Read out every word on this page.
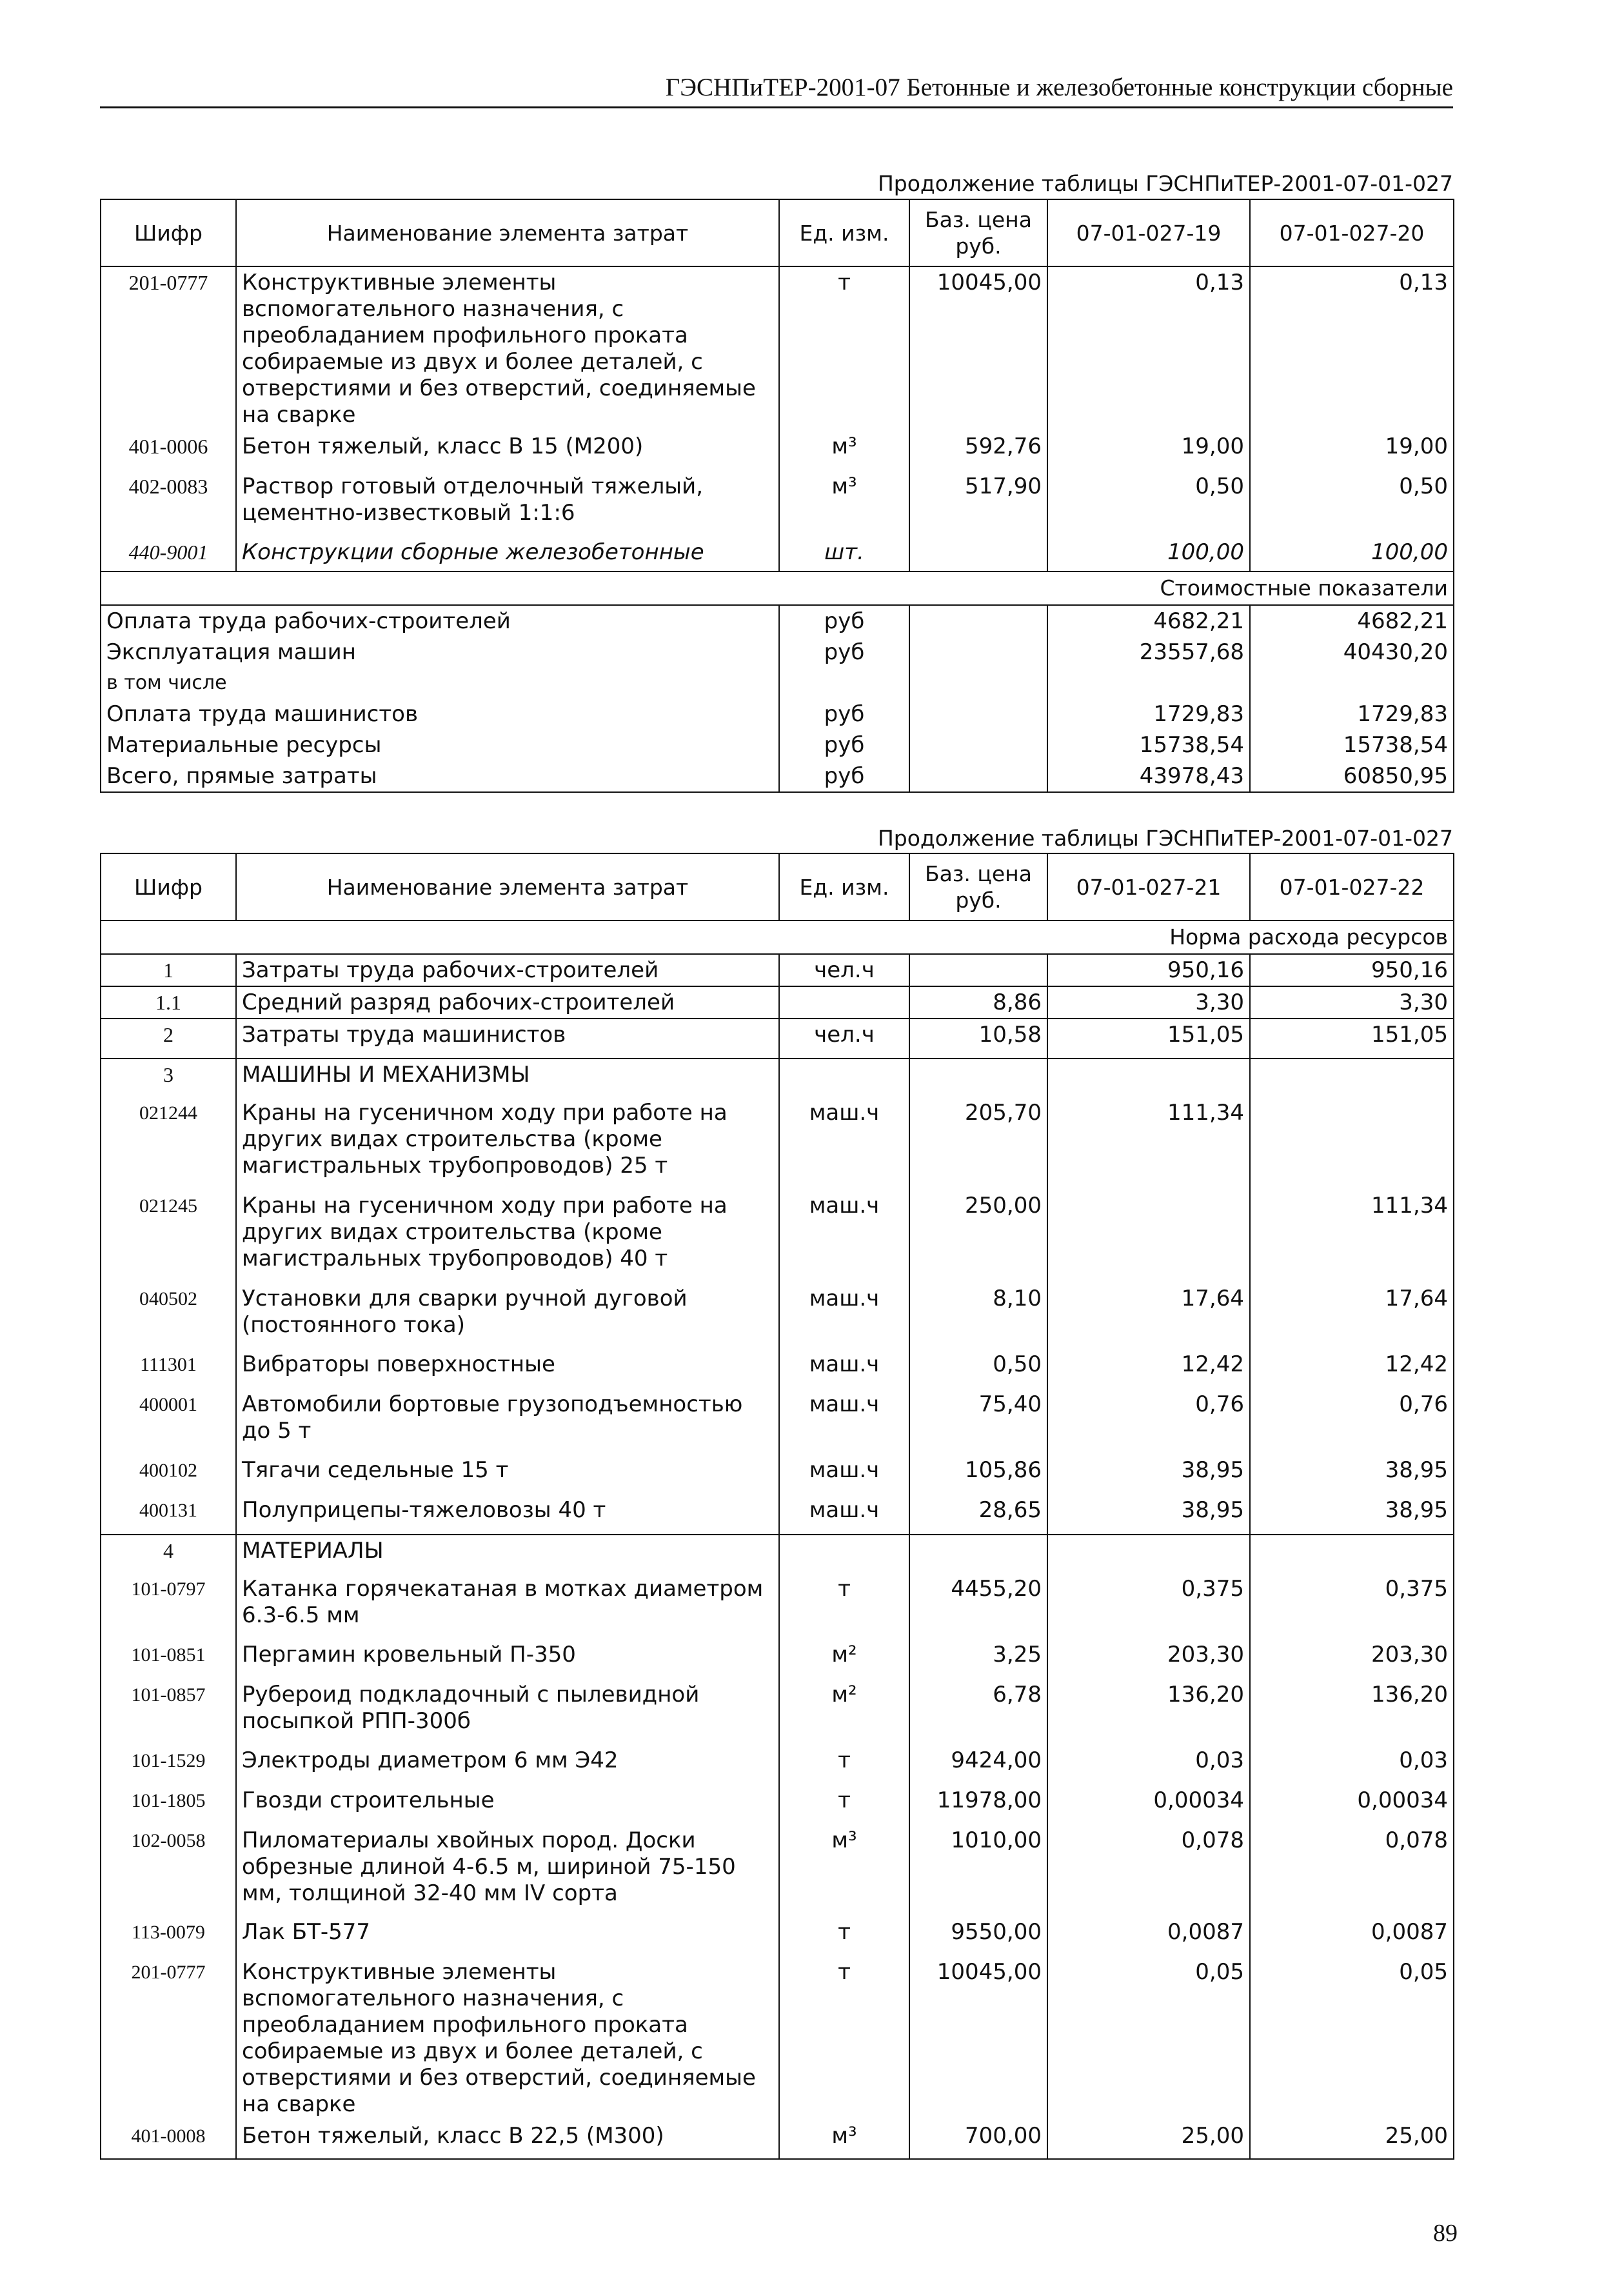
ГЭСНПиТЕР-2001-07 Бетонные и железобетонные конструкции сборные
Продолжение таблицы ГЭСНПиТЕР-2001-07-01-027
Шифр	Наименование элемента затрат	Ед. изм.	Баз. цена руб.	07-01-027-19	07-01-027-20
201-0777	Конструктивные элементы вспомогательного назначения, с преобладанием профильного проката собираемые из двух и более деталей, с отверстиями и без отверстий, соединяемые на сварке	т	10045,00	0,13	0,13
401-0006	Бетон тяжелый, класс В 15 (М200)	м³	592,76	19,00	19,00
402-0083	Раствор готовый отделочный тяжелый, цементно-известковый 1:1:6	м³	517,90	0,50	0,50
440-9001	Конструкции сборные железобетонные	шт.		100,00	100,00
Стоимостные показатели					
Оплата труда рабочих-строителей		руб		4682,21	4682,21
Эксплуатация машин		руб		23557,68	40430,20
в том числе					
Оплата труда машинистов		руб		1729,83	1729,83
Материальные ресурсы		руб		15738,54	15738,54
Всего, прямые затраты		руб		43978,43	60850,95
Продолжение таблицы ГЭСНПиТЕР-2001-07-01-027
Шифр	Наименование элемента затрат	Ед. изм.	Баз. цена руб.	07-01-027-21	07-01-027-22
Норма расхода ресурсов					
1	Затраты труда рабочих-строителей	чел.ч		950,16	950,16
1.1	Средний разряд рабочих-строителей		8,86	3,30	3,30
2	Затраты труда машинистов	чел.ч	10,58	151,05	151,05
3	МАШИНЫ И МЕХАНИЗМЫ				
021244	Краны на гусеничном ходу при работе на других видах строительства (кроме магистральных трубопроводов) 25 т	маш.ч	205,70	111,34	
021245	Краны на гусеничном ходу при работе на других видах строительства (кроме магистральных трубопроводов) 40 т	маш.ч	250,00		111,34
040502	Установки для сварки ручной дуговой (постоянного тока)	маш.ч	8,10	17,64	17,64
111301	Вибраторы поверхностные	маш.ч	0,50	12,42	12,42
400001	Автомобили бортовые грузоподъемностью до 5 т	маш.ч	75,40	0,76	0,76
400102	Тягачи седельные 15 т	маш.ч	105,86	38,95	38,95
400131	Полуприцепы-тяжеловозы 40 т	маш.ч	28,65	38,95	38,95
4	МАТЕРИАЛЫ				
101-0797	Катанка горячекатаная в мотках диаметром 6.3-6.5 мм	т	4455,20	0,375	0,375
101-0851	Пергамин кровельный П-350	м²	3,25	203,30	203,30
101-0857	Рубероид подкладочный с пылевидной посыпкой РПП-300б	м²	6,78	136,20	136,20
101-1529	Электроды диаметром 6 мм Э42	т	9424,00	0,03	0,03
101-1805	Гвозди строительные	т	11978,00	0,00034	0,00034
102-0058	Пиломатериалы хвойных пород. Доски обрезные длиной 4-6.5 м, шириной 75-150 мм, толщиной 32-40 мм IV сорта	м³	1010,00	0,078	0,078
113-0079	Лак БТ-577	т	9550,00	0,0087	0,0087
201-0777	Конструктивные элементы вспомогательного назначения, с преобладанием профильного проката собираемые из двух и более деталей, с отверстиями и без отверстий, соединяемые на сварке	т	10045,00	0,05	0,05
401-0008	Бетон тяжелый, класс В 22,5 (М300)	м³	700,00	25,00	25,00
89
